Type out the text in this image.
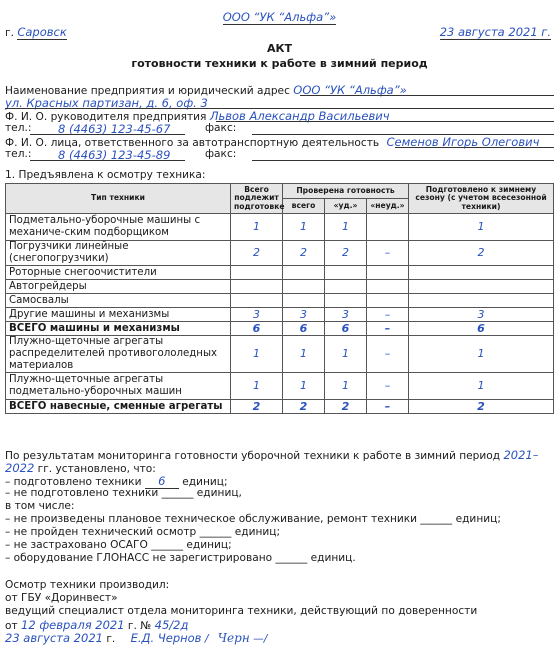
ООО “УК “Альфа”»
г. Саровск	23 августа 2021 г.
АКТ
готовности техники к работе в зимний период
Наименование предприятия и юридический адрес ООО “УК “Альфа”»
ул. Красных партизан, д. 6, оф. 3
Ф. И. О. руководителя предприятия Львов Александр Васильевич
тел.: 8 (4463) 123-45-67	факс:
Ф. И. О. лица, ответственного за автотранспортную деятельность Семенов Игорь Олегович
тел.: 8 (4463) 123-45-89	факс:
1. Предъявлена к осмотру техника:
Тип техники	Всего подлежит подготовке	Проверена готовность			Подготовлено к зимнему сезону (с учетом всесезонной техники)
		всего	«уд.»	«неуд.»	
Подметально-уборочные машины с механиче-ским подборщиком	1	1	1		1
Погрузчики линейные (снегопогрузчики)	2	2	2	–	2
Роторные снегоочистители					
Автогрейдеры					
Самосвалы					
Другие машины и механизмы	3	3	3	–	3
ВСЕГО машины и механизмы	6	6	6	–	6
Плужно-щеточные агрегаты распределителей противогололедных материалов	1	1	1	–	1
Плужно-щеточные агрегаты подметально-уборочных машин	1	1	1	–	1
ВСЕГО навесные, сменные агрегаты	2	2	2	–	2
По результатам мониторинга готовности уборочной техники к работе в зимний период 2021–
2022 гг. установлено, что:
– подготовлено техники 6 единиц;
– не подготовлено техники ______ единиц,
в том числе:
– не произведены плановое техническое обслуживание, ремонт техники ______ единиц;
– не пройден технический осмотр ______ единиц;
– не застраховано ОСАГО ______ единиц;
– оборудование ГЛОНАСС не зарегистрировано ______ единиц.
Осмотр техники производил:
от ГБУ «Доринвест»
ведущий специалист отдела мониторинга техники, действующий по доверенности
от 12 февраля 2021 г. № 45/2д
23 августа 2021 г. Е.Д. Чернов / Черн —/
